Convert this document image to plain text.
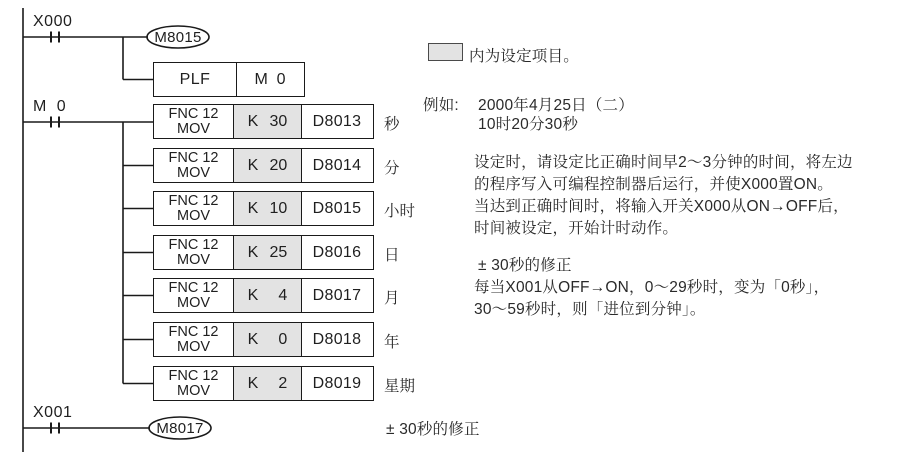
X000
M  0
X001
M8015
M8017
PLF	M  0
FNC 12
MOV K 30	D8013	秒
FNC 12
MOV K 20	D8014	分
FNC 12
MOV K 10	D8015	小时
FNC 12
MOV K 25	D8016	日
FNC 12
MOV K	4	D8017	月
FNC 12
MOV K	0	D8018	年
FNC 12
MOV K	2	D8019	星期
内为设定项目。
例如: 2000年4月25日（二）
10时20分30秒
设定时，请设定比正确时间早2～3分钟的时间，将左边
的程序写入可编程控制器后运行，并使X000置ON。
当达到正确时间时，将输入开关X000从ON→OFF后，
时间被设定，开始计时动作。
± 30秒的修正
每当X001从OFF→ON，0～29秒时，变为「0秒」，
30～59秒时，则「进位到分钟」。
± 30秒的修正
